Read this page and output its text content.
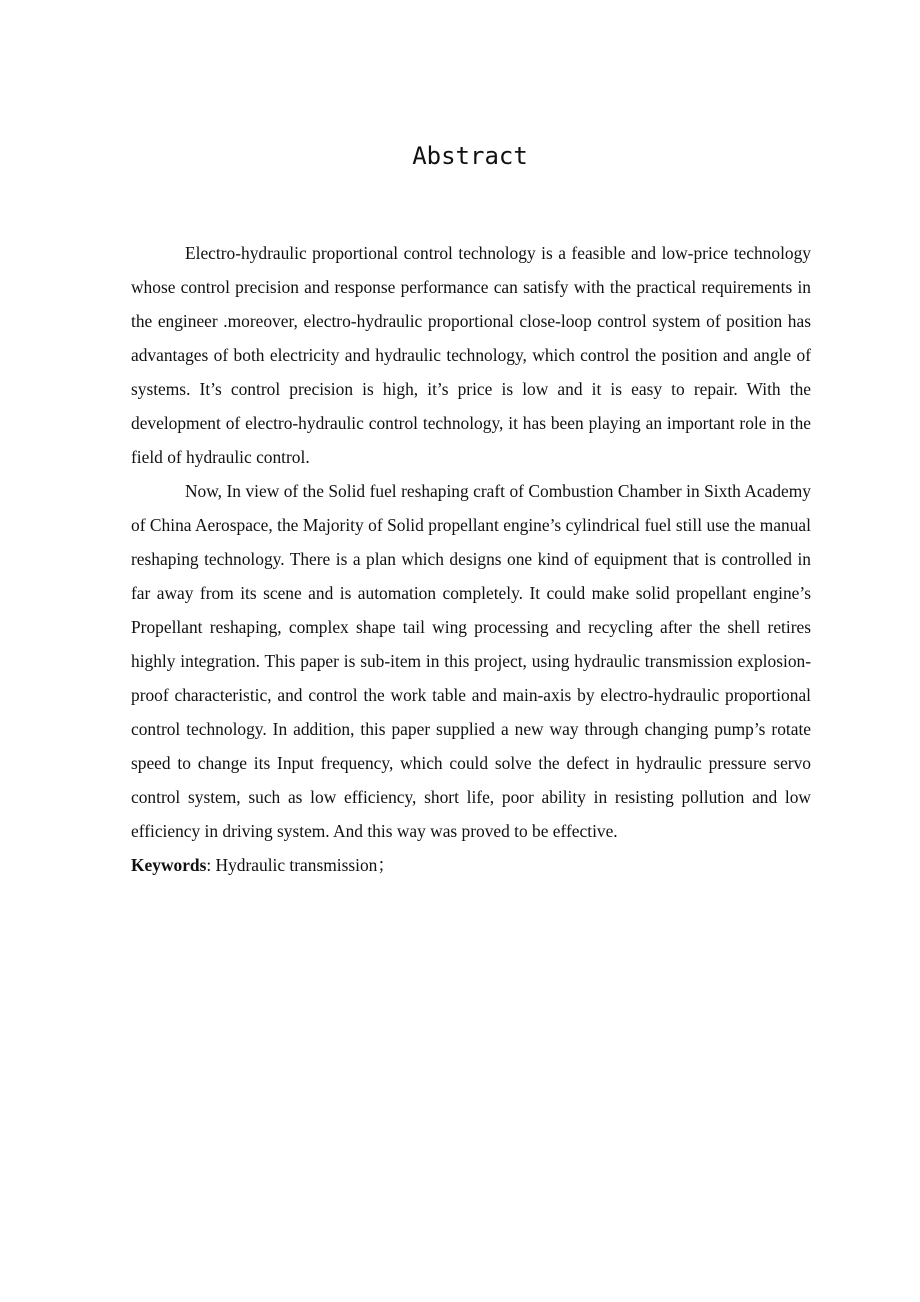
Abstract

Electro-hydraulic proportional control technology is a feasible and low-price technology whose control precision and response performance can satisfy with the practical requirements in the engineer .moreover, electro-hydraulic proportional close-loop control system of position has advantages of both electricity and hydraulic technology, which control the position and angle of systems. It’s control precision is high, it’s price is low and it is easy to repair. With the development of electro-hydraulic control technology, it has been playing an important role in the field of hydraulic control.

Now, In view of the Solid fuel reshaping craft of Combustion Chamber in Sixth Academy of China Aerospace, the Majority of Solid propellant engine’s cylindrical fuel still use the manual reshaping technology. There is a plan which designs one kind of equipment that is controlled in far away from its scene and is automation completely. It could make solid propellant engine’s Propellant reshaping, complex shape tail wing processing and recycling after the shell retires highly integration. This paper is sub-item in this project, using hydraulic transmission explosion-proof characteristic, and control the work table and main-axis by electro-hydraulic proportional control technology. In addition, this paper supplied a new way through changing pump’s rotate speed to change its Input frequency, which could solve the defect in hydraulic pressure servo control system, such as low efficiency, short life, poor ability in resisting pollution and low efficiency in driving system. And this way was proved to be effective.

Keywords: Hydraulic transmission；
